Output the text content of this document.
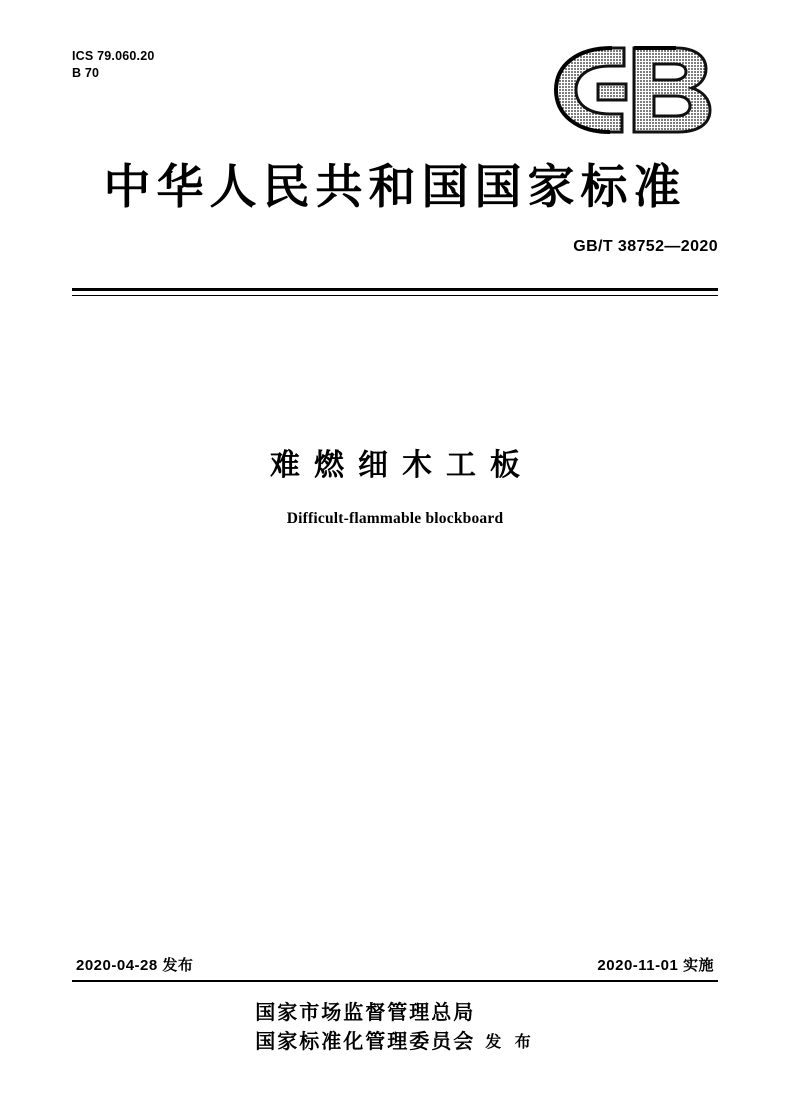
ICS 79.060.20
B 70
中华人民共和国国家标准
GB/T 38752—2020
难燃细木工板
Difficult-flammable blockboard
2020-04-28 发布	2020-11-01 实施
国家市场监督管理总局
国家标准化管理委员会 发 布
